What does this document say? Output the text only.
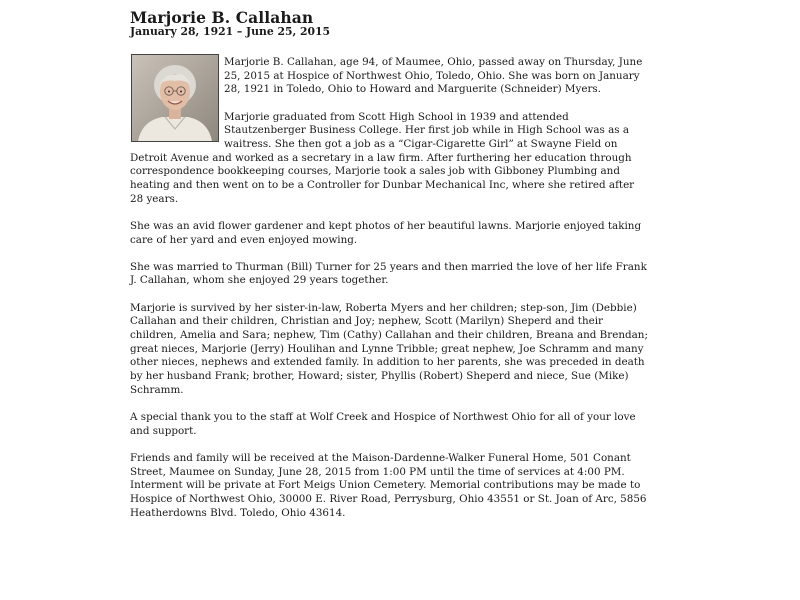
Marjorie B. Callahan
January 28, 1921 – June 25, 2015

Marjorie B. Callahan, age 94, of Maumee, Ohio, passed away on Thursday, June 25, 2015 at Hospice of Northwest Ohio, Toledo, Ohio. She was born on January 28, 1921 in Toledo, Ohio to Howard and Marguerite (Schneider) Myers.

Marjorie graduated from Scott High School in 1939 and attended Stautzenberger Business College. Her first job while in High School was as a waitress. She then got a job as a “Cigar-Cigarette Girl” at Swayne Field on Detroit Avenue and worked as a secretary in a law firm. After furthering her education through correspondence bookkeeping courses, Marjorie took a sales job with Gibboney Plumbing and heating and then went on to be a Controller for Dunbar Mechanical Inc, where she retired after 28 years.

She was an avid flower gardener and kept photos of her beautiful lawns. Marjorie enjoyed taking care of her yard and even enjoyed mowing.

She was married to Thurman (Bill) Turner for 25 years and then married the love of her life Frank J. Callahan, whom she enjoyed 29 years together.

Marjorie is survived by her sister-in-law, Roberta Myers and her children; step-son, Jim (Debbie) Callahan and their children, Christian and Joy; nephew, Scott (Marilyn) Sheperd and their children, Amelia and Sara; nephew, Tim (Cathy) Callahan and their children, Breana and Brendan; great nieces, Marjorie (Jerry) Houlihan and Lynne Tribble; great nephew, Joe Schramm and many other nieces, nephews and extended family. In addition to her parents, she was preceded in death by her husband Frank; brother, Howard; sister, Phyllis (Robert) Sheperd and niece, Sue (Mike) Schramm.

A special thank you to the staff at Wolf Creek and Hospice of Northwest Ohio for all of your love and support.

Friends and family will be received at the Maison-Dardenne-Walker Funeral Home, 501 Conant Street, Maumee on Sunday, June 28, 2015 from 1:00 PM until the time of services at 4:00 PM. Interment will be private at Fort Meigs Union Cemetery. Memorial contributions may be made to Hospice of Northwest Ohio, 30000 E. River Road, Perrysburg, Ohio 43551 or St. Joan of Arc, 5856 Heatherdowns Blvd. Toledo, Ohio 43614.
